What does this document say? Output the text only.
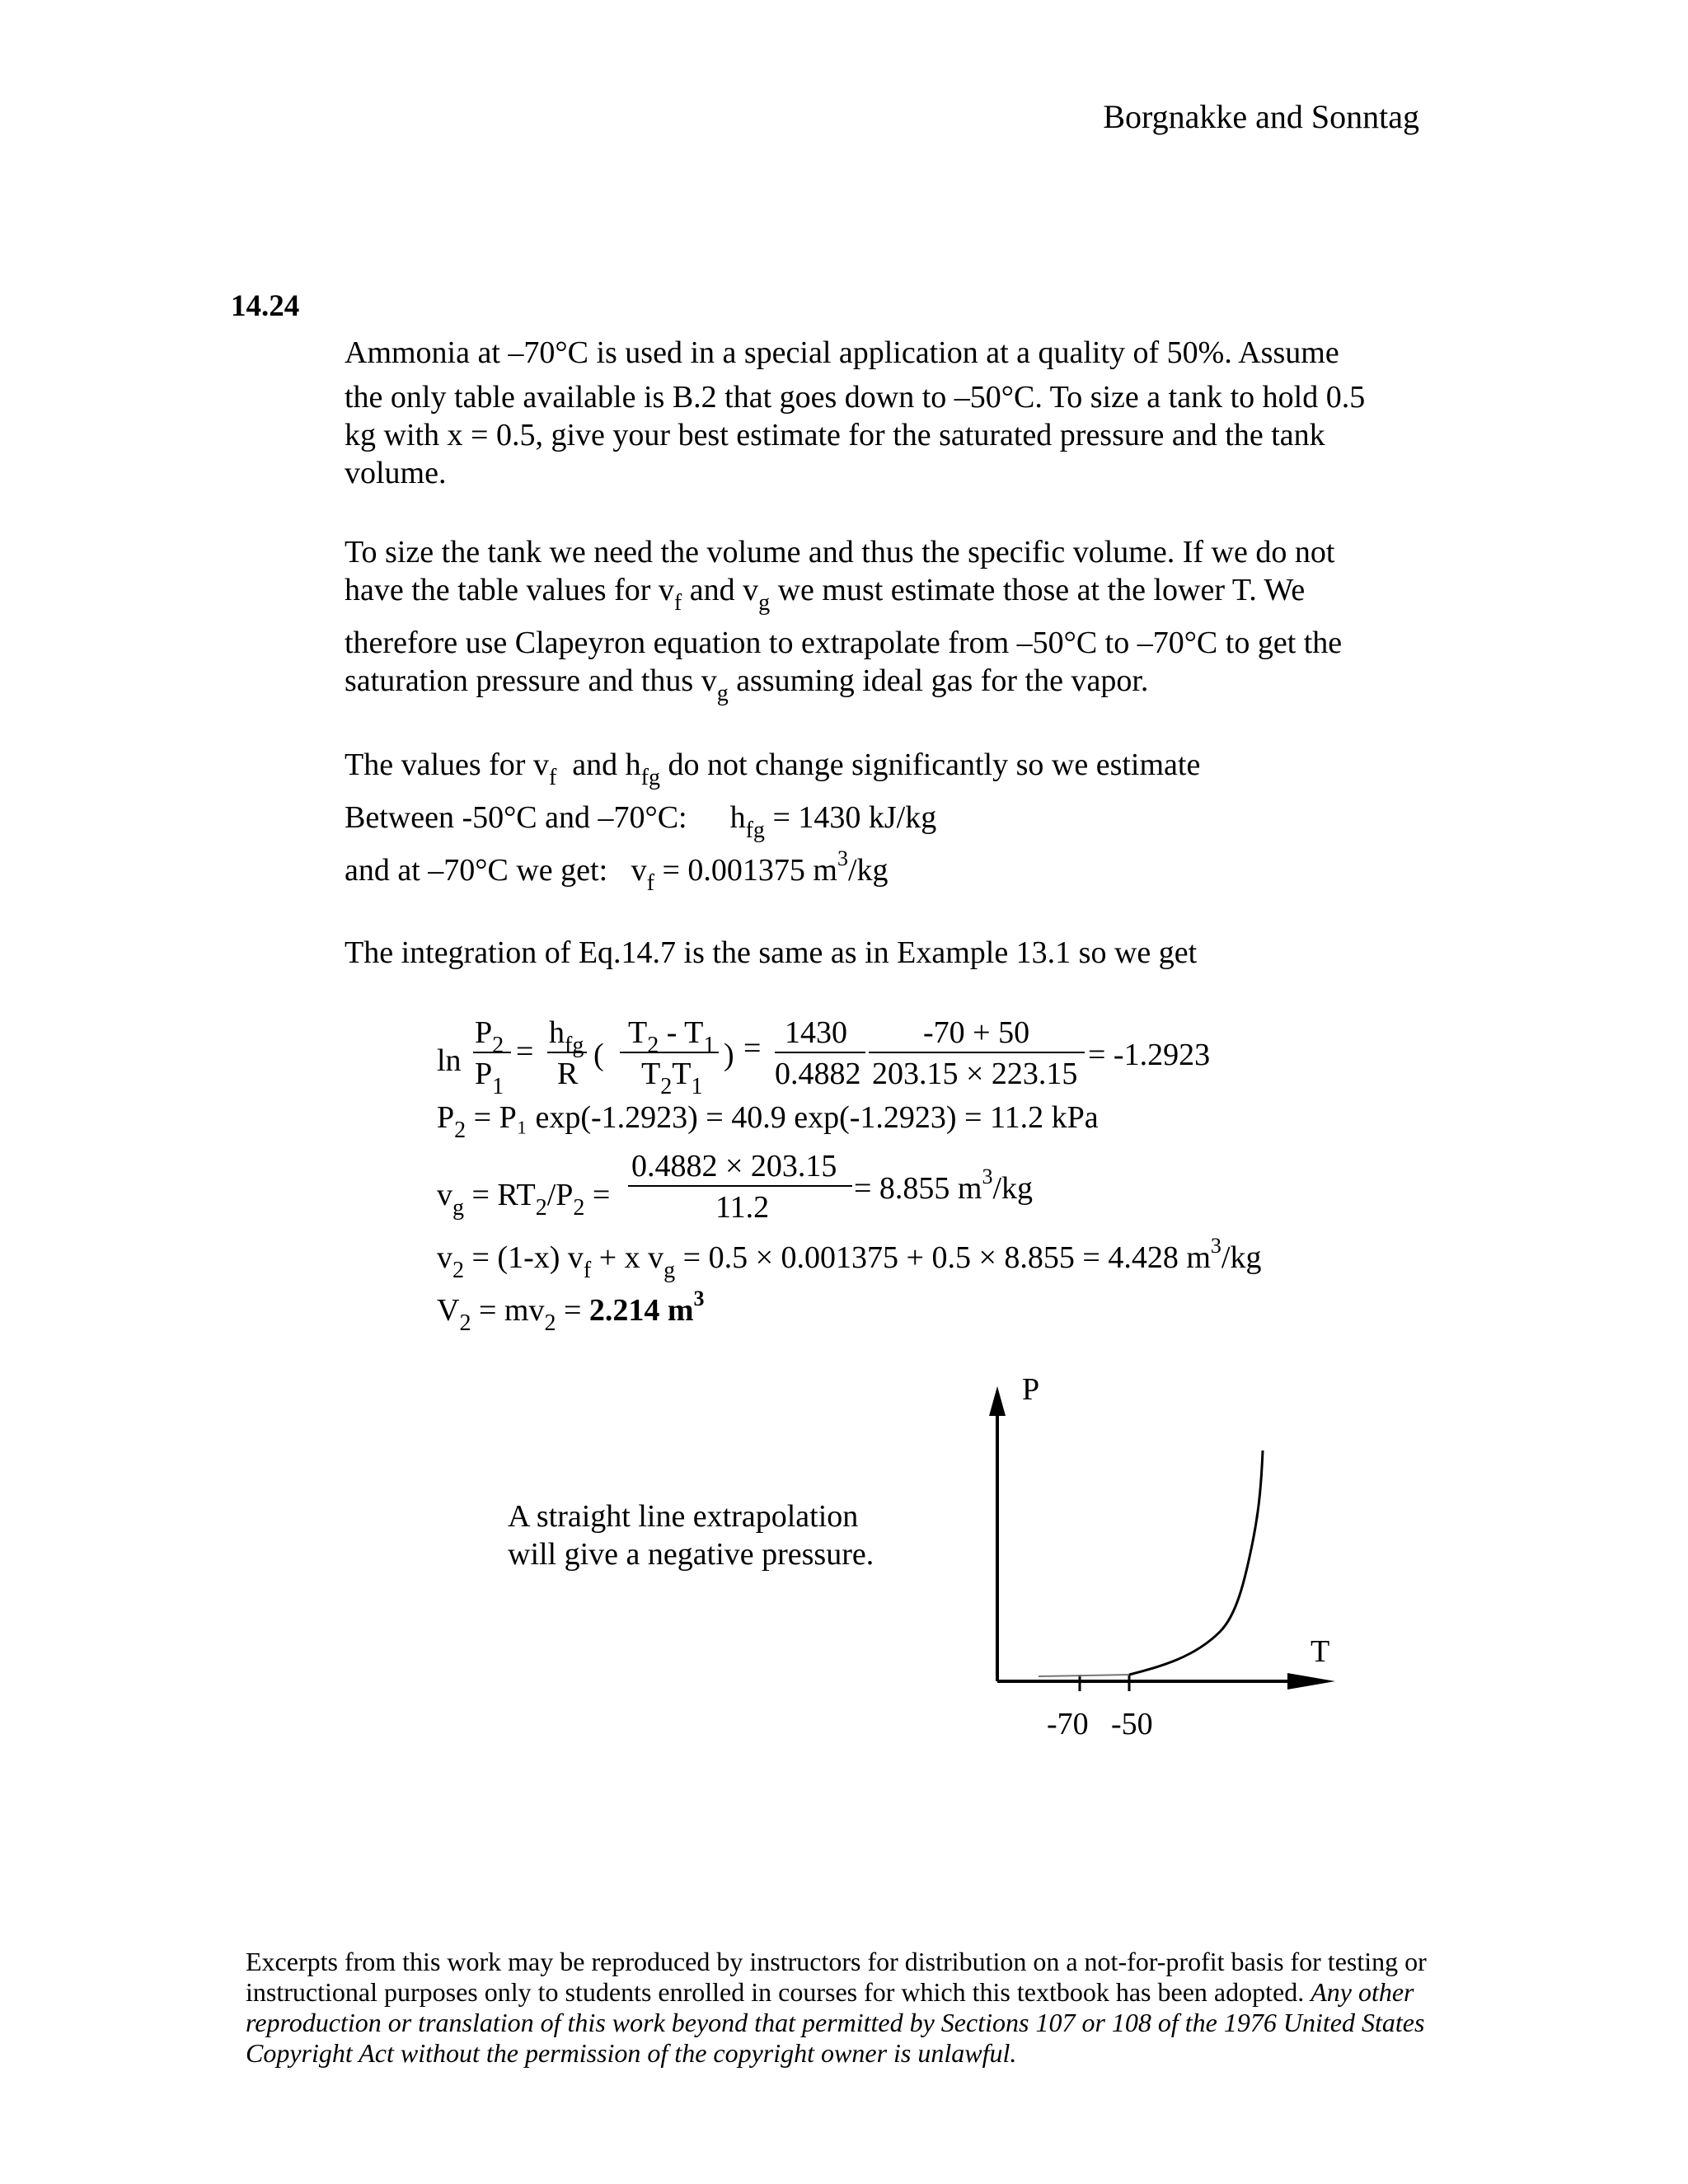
Borgnakke and Sonntag
14.24
Ammonia at –70°C is used in a special application at a quality of 50%. Assume
the only table available is B.2 that goes down to –50°C. To size a tank to hold 0.5
kg with x = 0.5, give your best estimate for the saturated pressure and the tank
volume.
To size the tank we need the volume and thus the specific volume. If we do not
have the table values for $v_f$ and $v_g$ we must estimate those at the lower T. We
therefore use Clapeyron equation to extrapolate from –50°C to –70°C to get the
saturation pressure and thus $v_g$ assuming ideal gas for the vapor.
The values for $v_f$ and $h_{fg}$ do not change significantly so we estimate
Between -50°C and –70°C: $h_{fg} = 1430$ kJ/kg
and at –70°C we get:   $v_f = 0.001375$ $m^3/kg$
The integration of Eq.14.7 is the same as in Example 13.1 so we get
ln
$P_2$
$P_1$
=
$h_{fg}$
R
(
$T_2 - T_1$
$T_2T_1$
) = 1430
0.4882
-70 + 50
203.15 × 223.15
= -1.2923
$P_2 = P_1$ exp(-1.2923) = 40.9 exp(-1.2923) = 11.2 kPa
$v_g = RT_2/P_2$ =
0.4882 × 203.15
11.2
= 8.855 $m^3/kg$
$v_2 = (1-x) v_f + x$ $v_g = 0.5 \times 0.001375 + 0.5 \times 8.855 = 4.428$ $m^3/kg$
$V_2 = mv_2 = 2.214$ $m^3$
A straight line extrapolation
will give a negative pressure.
P
T
-70 -50
Excerpts from this work may be reproduced by instructors for distribution on a not-for-profit basis for testing or instructional purposes only to students enrolled in courses for which this textbook has been adopted. Any other reproduction or translation of this work beyond that permitted by Sections 107 or 108 of the 1976 United States Copyright Act without the permission of the copyright owner is unlawful.
